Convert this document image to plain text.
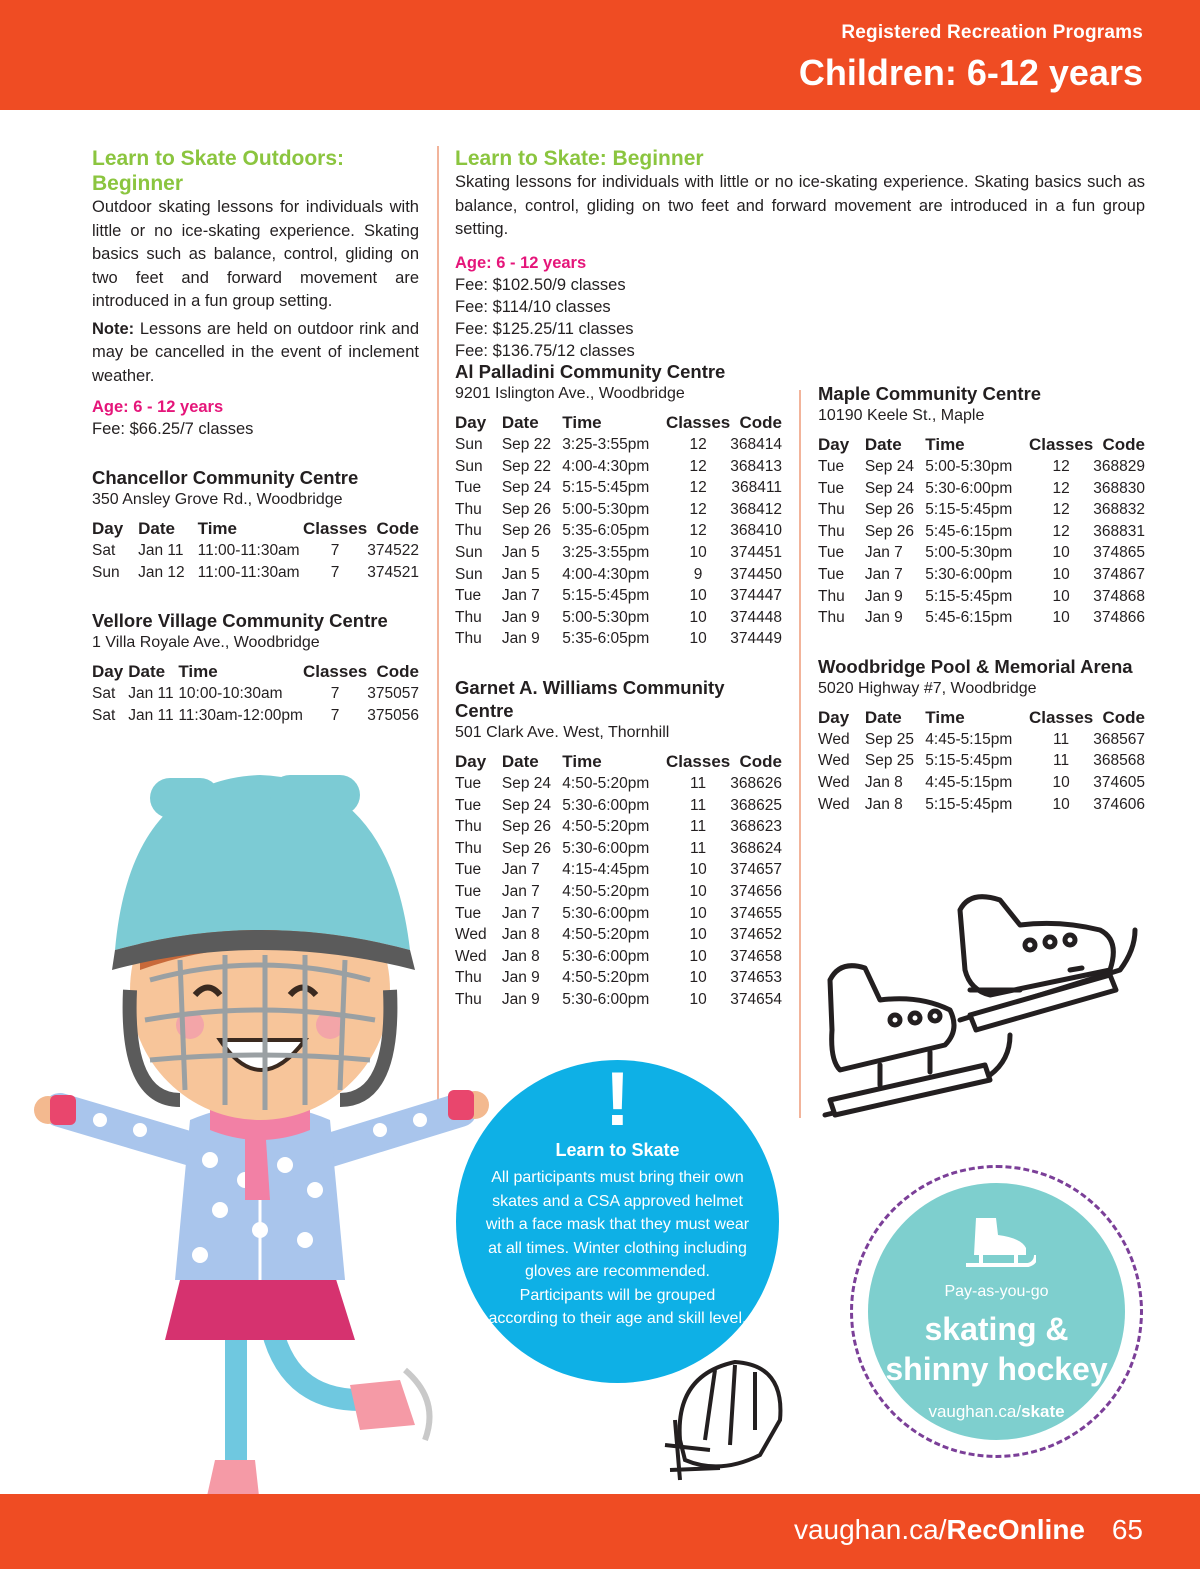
Registered Recreation Programs
Children: 6-12 years
Learn to Skate Outdoors: Beginner

Outdoor skating lessons for individuals with little or no ice-skating experience. Skating basics such as balance, control, gliding on two feet and forward movement are introduced in a fun group setting.

Note: Lessons are held on outdoor rink and may be cancelled in the event of inclement weather.

Age: 6 - 12 years
Fee: $66.25/7 classes
Chancellor Community Centre
350 Ansley Grove Rd., Woodbridge
Day	Date	Time	Classes	Code
Sat	Jan 11	11:00-11:30am	7	374522
Sun	Jan 12	11:00-11:30am	7	374521
Vellore Village Community Centre
1 Villa Royale Ave., Woodbridge
Day	Date	Time	Classes	Code
Sat	Jan 11	10:00-10:30am	7	375057
Sat	Jan 11	11:30am-12:00pm	7	375056
Learn to Skate: Beginner

Skating lessons for individuals with little or no ice-skating experience. Skating basics such as balance, control, gliding on two feet and forward movement are introduced in a fun group setting.

Age: 6 - 12 years
Fee: $102.50/9 classes
Fee: $114/10 classes
Fee: $125.25/11 classes
Fee: $136.75/12 classes
Al Palladini Community Centre
9201 Islington Ave., Woodbridge
Day	Date	Time	Classes	Code
Sun	Sep 22	3:25-3:55pm	12	368414
Sun	Sep 22	4:00-4:30pm	12	368413
Tue	Sep 24	5:15-5:45pm	12	368411
Thu	Sep 26	5:00-5:30pm	12	368412
Thu	Sep 26	5:35-6:05pm	12	368410
Sun	Jan 5	3:25-3:55pm	10	374451
Sun	Jan 5	4:00-4:30pm	9	374450
Tue	Jan 7	5:15-5:45pm	10	374447
Thu	Jan 9	5:00-5:30pm	10	374448
Thu	Jan 9	5:35-6:05pm	10	374449
Garnet A. Williams Community Centre
501 Clark Ave. West, Thornhill
Day	Date	Time	Classes	Code
Tue	Sep 24	4:50-5:20pm	11	368626
Tue	Sep 24	5:30-6:00pm	11	368625
Thu	Sep 26	4:50-5:20pm	11	368623
Thu	Sep 26	5:30-6:00pm	11	368624
Tue	Jan 7	4:15-4:45pm	10	374657
Tue	Jan 7	4:50-5:20pm	10	374656
Tue	Jan 7	5:30-6:00pm	10	374655
Wed	Jan 8	4:50-5:20pm	10	374652
Wed	Jan 8	5:30-6:00pm	10	374658
Thu	Jan 9	4:50-5:20pm	10	374653
Thu	Jan 9	5:30-6:00pm	10	374654
Maple Community Centre
10190 Keele St., Maple
Day	Date	Time	Classes	Code
Tue	Sep 24	5:00-5:30pm	12	368829
Tue	Sep 24	5:30-6:00pm	12	368830
Thu	Sep 26	5:15-5:45pm	12	368832
Thu	Sep 26	5:45-6:15pm	12	368831
Tue	Jan 7	5:00-5:30pm	10	374865
Tue	Jan 7	5:30-6:00pm	10	374867
Thu	Jan 9	5:15-5:45pm	10	374868
Thu	Jan 9	5:45-6:15pm	10	374866
Woodbridge Pool & Memorial Arena
5020 Highway #7, Woodbridge
Day	Date	Time	Classes	Code
Wed	Sep 25	4:45-5:15pm	11	368567
Wed	Sep 25	5:15-5:45pm	11	368568
Wed	Jan 8	4:45-5:15pm	10	374605
Wed	Jan 8	5:15-5:45pm	10	374606
!
Learn to Skate
All participants must bring their own skates and a CSA approved helmet with a face mask that they must wear at all times. Winter clothing including gloves are recommended. Participants will be grouped according to their age and skill level.
Pay-as-you-go
skating &
shinny hockey
vaughan.ca/skate
vaughan.ca/RecOnline 65
